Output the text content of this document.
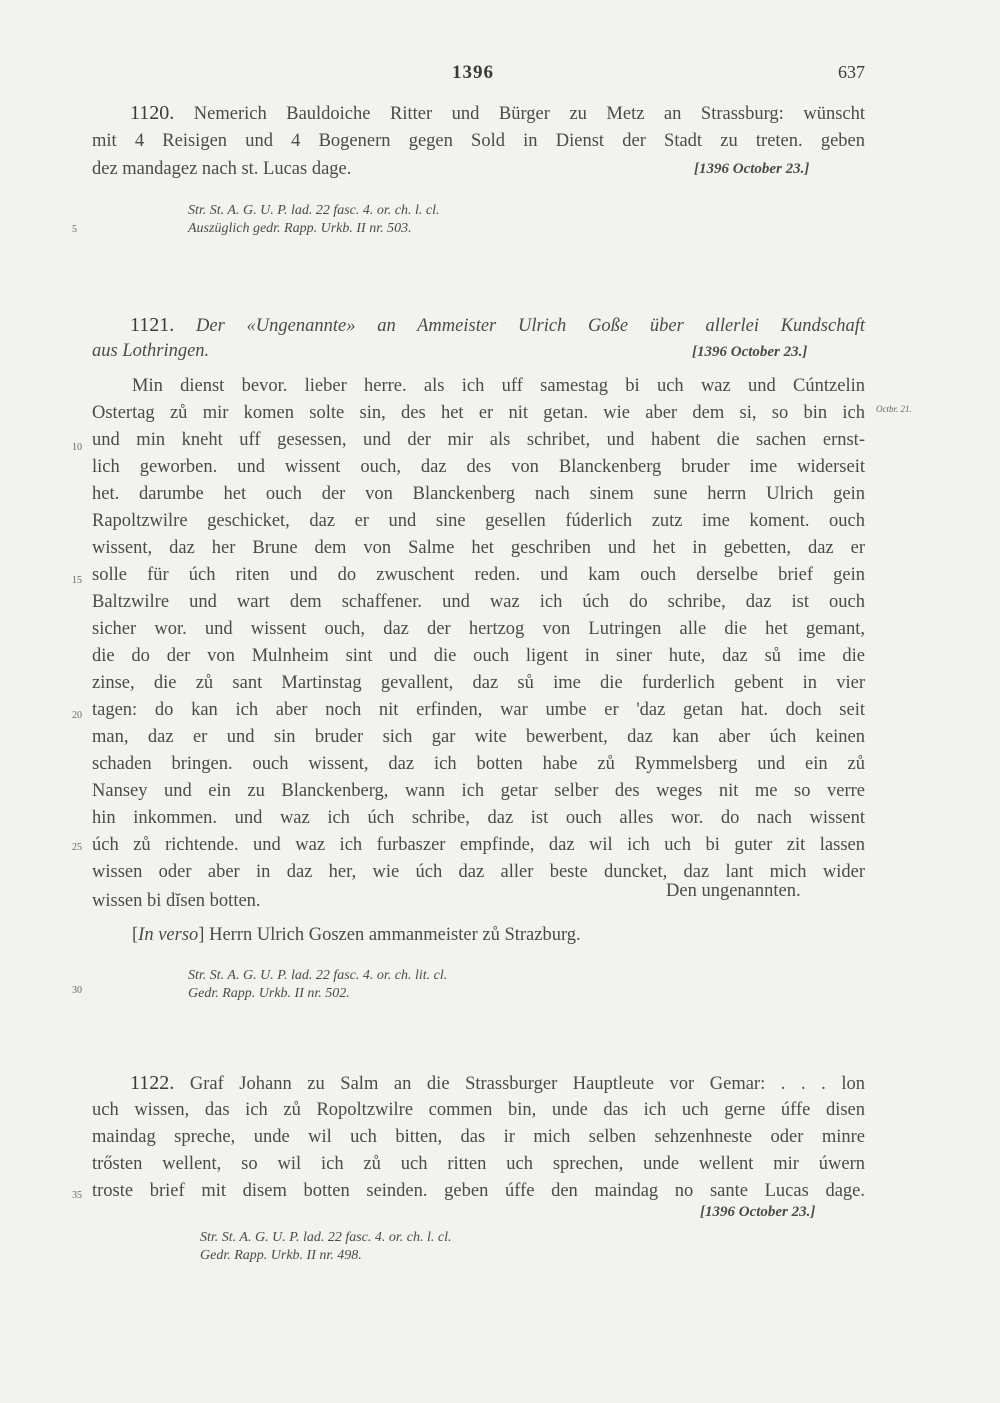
1396	637
5
10
15
20
25
30
35
Octbr. 21.
1120. Nemerich Bauldoiche Ritter und Bürger zu Metz an Strassburg: wünscht
mit 4 Reisigen und 4 Bogenern gegen Sold in Dienst der Stadt zu treten. geben
dez mandagez nach st. Lucas dage.	[1396 October 23.]
Str. St. A. G. U. P. lad. 22 fasc. 4. or. ch. l. cl.
Auszüglich gedr. Rapp. Urkb. II nr. 503.
1121. Der «Ungenannte» an Ammeister Ulrich Goße über allerlei Kundschaft
aus Lothringen.	[1396 October 23.]
Min dienst bevor. lieber herre. als ich uff samestag bi uch waz und Cúntzelin
Ostertag zů mir komen solte sin, des het er nit getan. wie aber dem si, so bin ich
und min kneht uff gesessen, und der mir als schribet, und habent die sachen ernst-
lich geworben. und wissent ouch, daz des von Blanckenberg bruder ime widerseit
het. darumbe het ouch der von Blanckenberg nach sinem sune herrn Ulrich gein
Rapoltzwilre geschicket, daz er und sine gesellen fúderlich zutz ime koment. ouch
wissent, daz her Brune dem von Salme het geschriben und het in gebetten, daz er
solle für úch riten und do zwuschent reden. und kam ouch derselbe brief gein
Baltzwilre und wart dem schaffener. und waz ich úch do schribe, daz ist ouch
sicher wor. und wissent ouch, daz der hertzog von Lutringen alle die het gemant,
die do der von Mulnheim sint und die ouch ligent in siner hute, daz sů ime die
zinse, die zů sant Martinstag gevallent, daz sů ime die furderlich gebent in vier
tagen: do kan ich aber noch nit erfinden, war umbe er 'daz getan hat. doch seit
man, daz er und sin bruder sich gar wite bewerbent, daz kan aber úch keinen
schaden bringen. ouch wissent, daz ich botten habe zů Rymmelsberg und ein zů
Nansey und ein zu Blanckenberg, wann ich getar selber des weges nit me so verre
hin inkommen. und waz ich úch schribe, daz ist ouch alles wor. do nach wissent
úch zů richtende. und waz ich furbaszer empfinde, daz wil ich uch bi guter zit lassen
wissen oder aber in daz her, wie úch daz aller beste duncket, daz lant mich wider
wissen bi dĭsen botten.	Den ungenannten.
[In verso] Herrn Ulrich Goszen ammanmeister zů Strazburg.
Str. St. A. G. U. P. lad. 22 fasc. 4. or. ch. lit. cl.
Gedr. Rapp. Urkb. II nr. 502.
1122. Graf Johann zu Salm an die Strassburger Hauptleute vor Gemar: . . . lon
uch wissen, das ich zů Ropoltzwilre commen bin, unde das ich uch gerne úffe disen
maindag spreche, unde wil uch bitten, das ir mich selben sehzenhneste oder minre
trősten wellent, so wil ich zů uch ritten uch sprechen, unde wellent mir úwern
troste brief mit disem botten seinden. geben úffe den maindag no sante Lucas dage.
[1396 October 23.]
Str. St. A. G. U. P. lad. 22 fasc. 4. or. ch. l. cl.
Gedr. Rapp. Urkb. II nr. 498.
